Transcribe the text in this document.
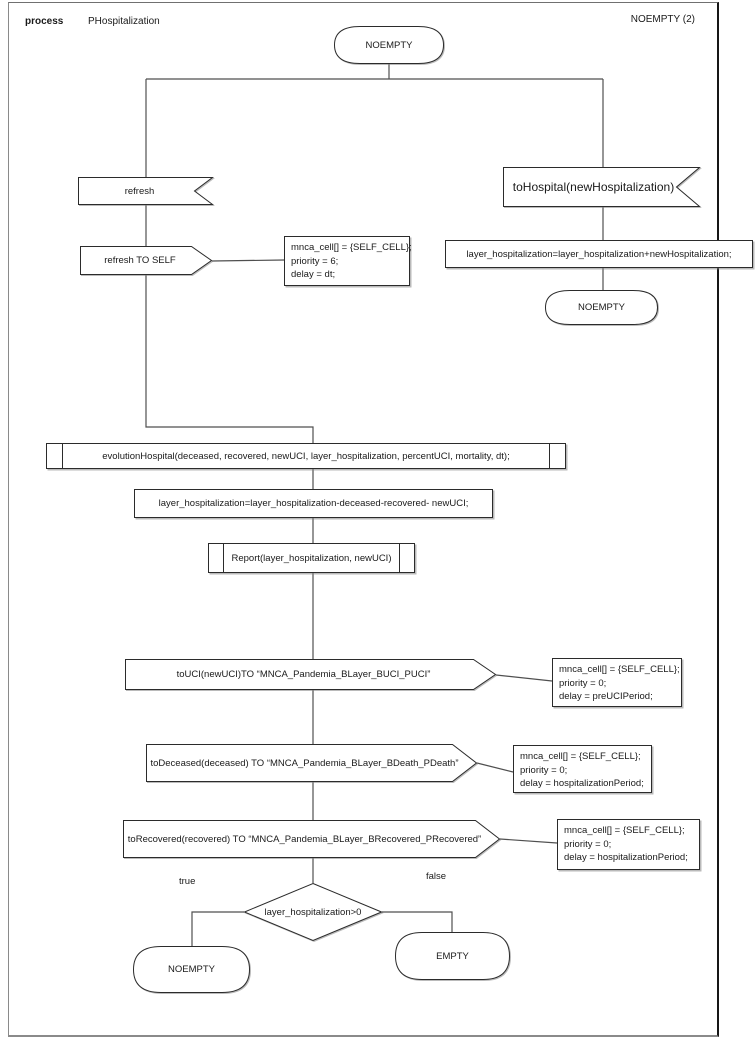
process PHospitalization	NOEMPTY (2)
NOEMPTY
refresh
refresh TO SELF
mnca_cell[] = {SELF_CELL};
priority = 6;
delay = dt;
toHospital(newHospitalization)
layer_hospitalization=layer_hospitalization+newHospitalization;
NOEMPTY
evolutionHospital(deceased, recovered, newUCI, layer_hospitalization, percentUCI, mortality, dt);
layer_hospitalization=layer_hospitalization-deceased-recovered- newUCI;
Report(layer_hospitalization, newUCI)
toUCI(newUCI)TO “MNCA_Pandemia_BLayer_BUCI_PUCI”	mnca_cell[] = {SELF_CELL};
priority = 0;
delay = preUCIPeriod;
toDeceased(deceased) TO “MNCA_Pandemia_BLayer_BDeath_PDeath”
mnca_cell[] = {SELF_CELL};
priority = 0;
delay = hospitalizationPeriod;
toRecovered(recovered) TO “MNCA_Pandemia_BLayer_BRecovered_PRecovered”
mnca_cell[] = {SELF_CELL};
priority = 0;
delay = hospitalizationPeriod;
true	false
layer_hospitalization>0
NOEMPTY
EMPTY
